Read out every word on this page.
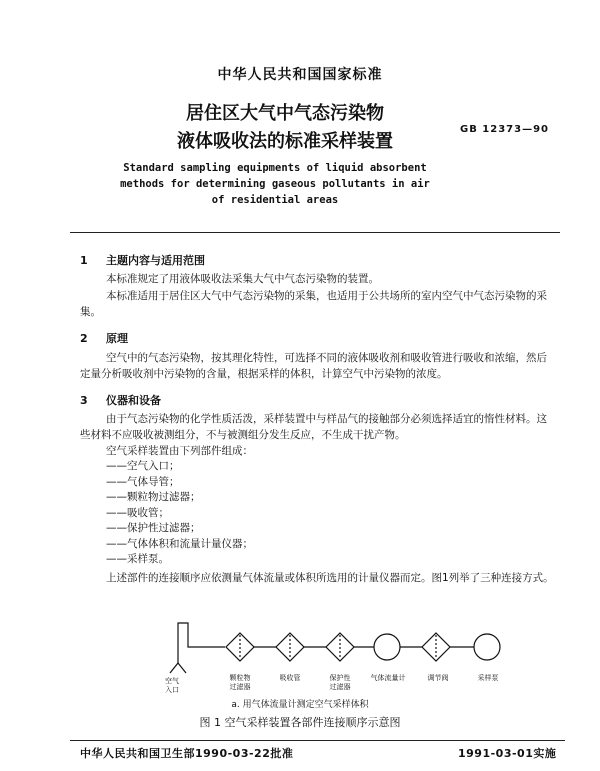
中华人民共和国国家标准
居住区大气中气态污染物
液体吸收法的标准采样装置
GB 12373—90
Standard sampling equipments of liquid absorbent
methods for determining gaseous pollutants in air
of residential areas
1 主题内容与适用范围
本标准规定了用液体吸收法采集大气中气态污染物的装置。
本标准适用于居住区大气中气态污染物的采集，也适用于公共场所的室内空气中气态污染物的采
集。
2 原理
空气中的气态污染物，按其理化特性，可选择不同的液体吸收剂和吸收管进行吸收和浓缩，然后
定量分析吸收剂中污染物的含量，根据采样的体积，计算空气中污染物的浓度。
3 仪器和设备
由于气态污染物的化学性质活泼，采样装置中与样品气的接触部分必须选择适宜的惰性材料。这
些材料不应吸收被测组分，不与被测组分发生反应，不生成干扰产物。
空气采样装置由下列部件组成：
——空气入口；
——气体导管；
——颗粒物过滤器；
——吸收管；
——保护性过滤器；
——气体体积和流量计量仪器；
——采样泵。
上述部件的连接顺序应依测量气体流量或体积所选用的计量仪器而定。图1列举了三种连接方式。
空气
入口
颗粒物
过滤器
吸收管	保护性
过滤器
气体流量计	调节阀	采样泵
a. 用气体流量计测定空气采样体积
图 1 空气采样装置各部件连接顺序示意图
中华人民共和国卫生部1990-03-22批准	1991-03-01实施
